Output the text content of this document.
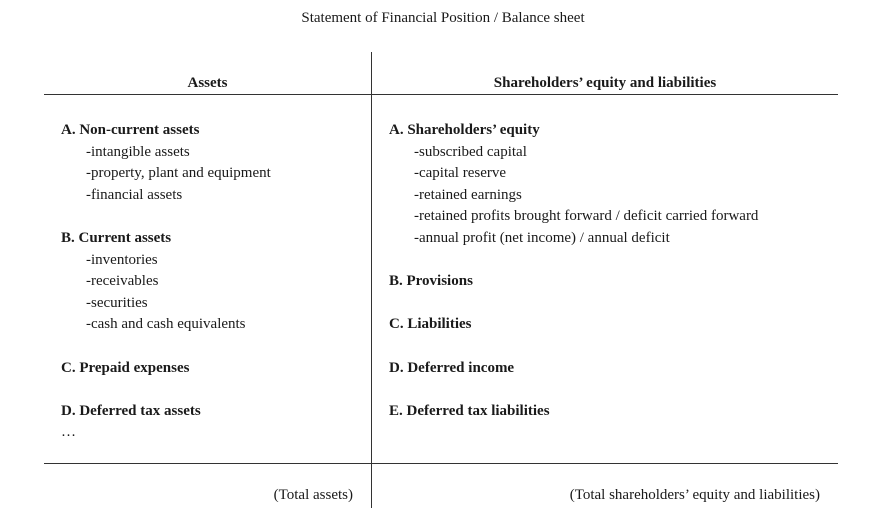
Statement of Financial Position / Balance sheet
Assets	Shareholders’ equity and liabilities
A. Non-current assets
-intangible assets
-property, plant and equipment
-financial assets
B. Current assets
-inventories
-receivables
-securities
-cash and cash equivalents
C. Prepaid expenses
D. Deferred tax assets
…
A. Shareholders’ equity
-subscribed capital
-capital reserve
-retained earnings
-retained profits brought forward / deficit carried forward
-annual profit (net income) / annual deficit
B. Provisions
C. Liabilities
D. Deferred income
E. Deferred tax liabilities
(Total assets)	(Total shareholders’ equity and liabilities)
